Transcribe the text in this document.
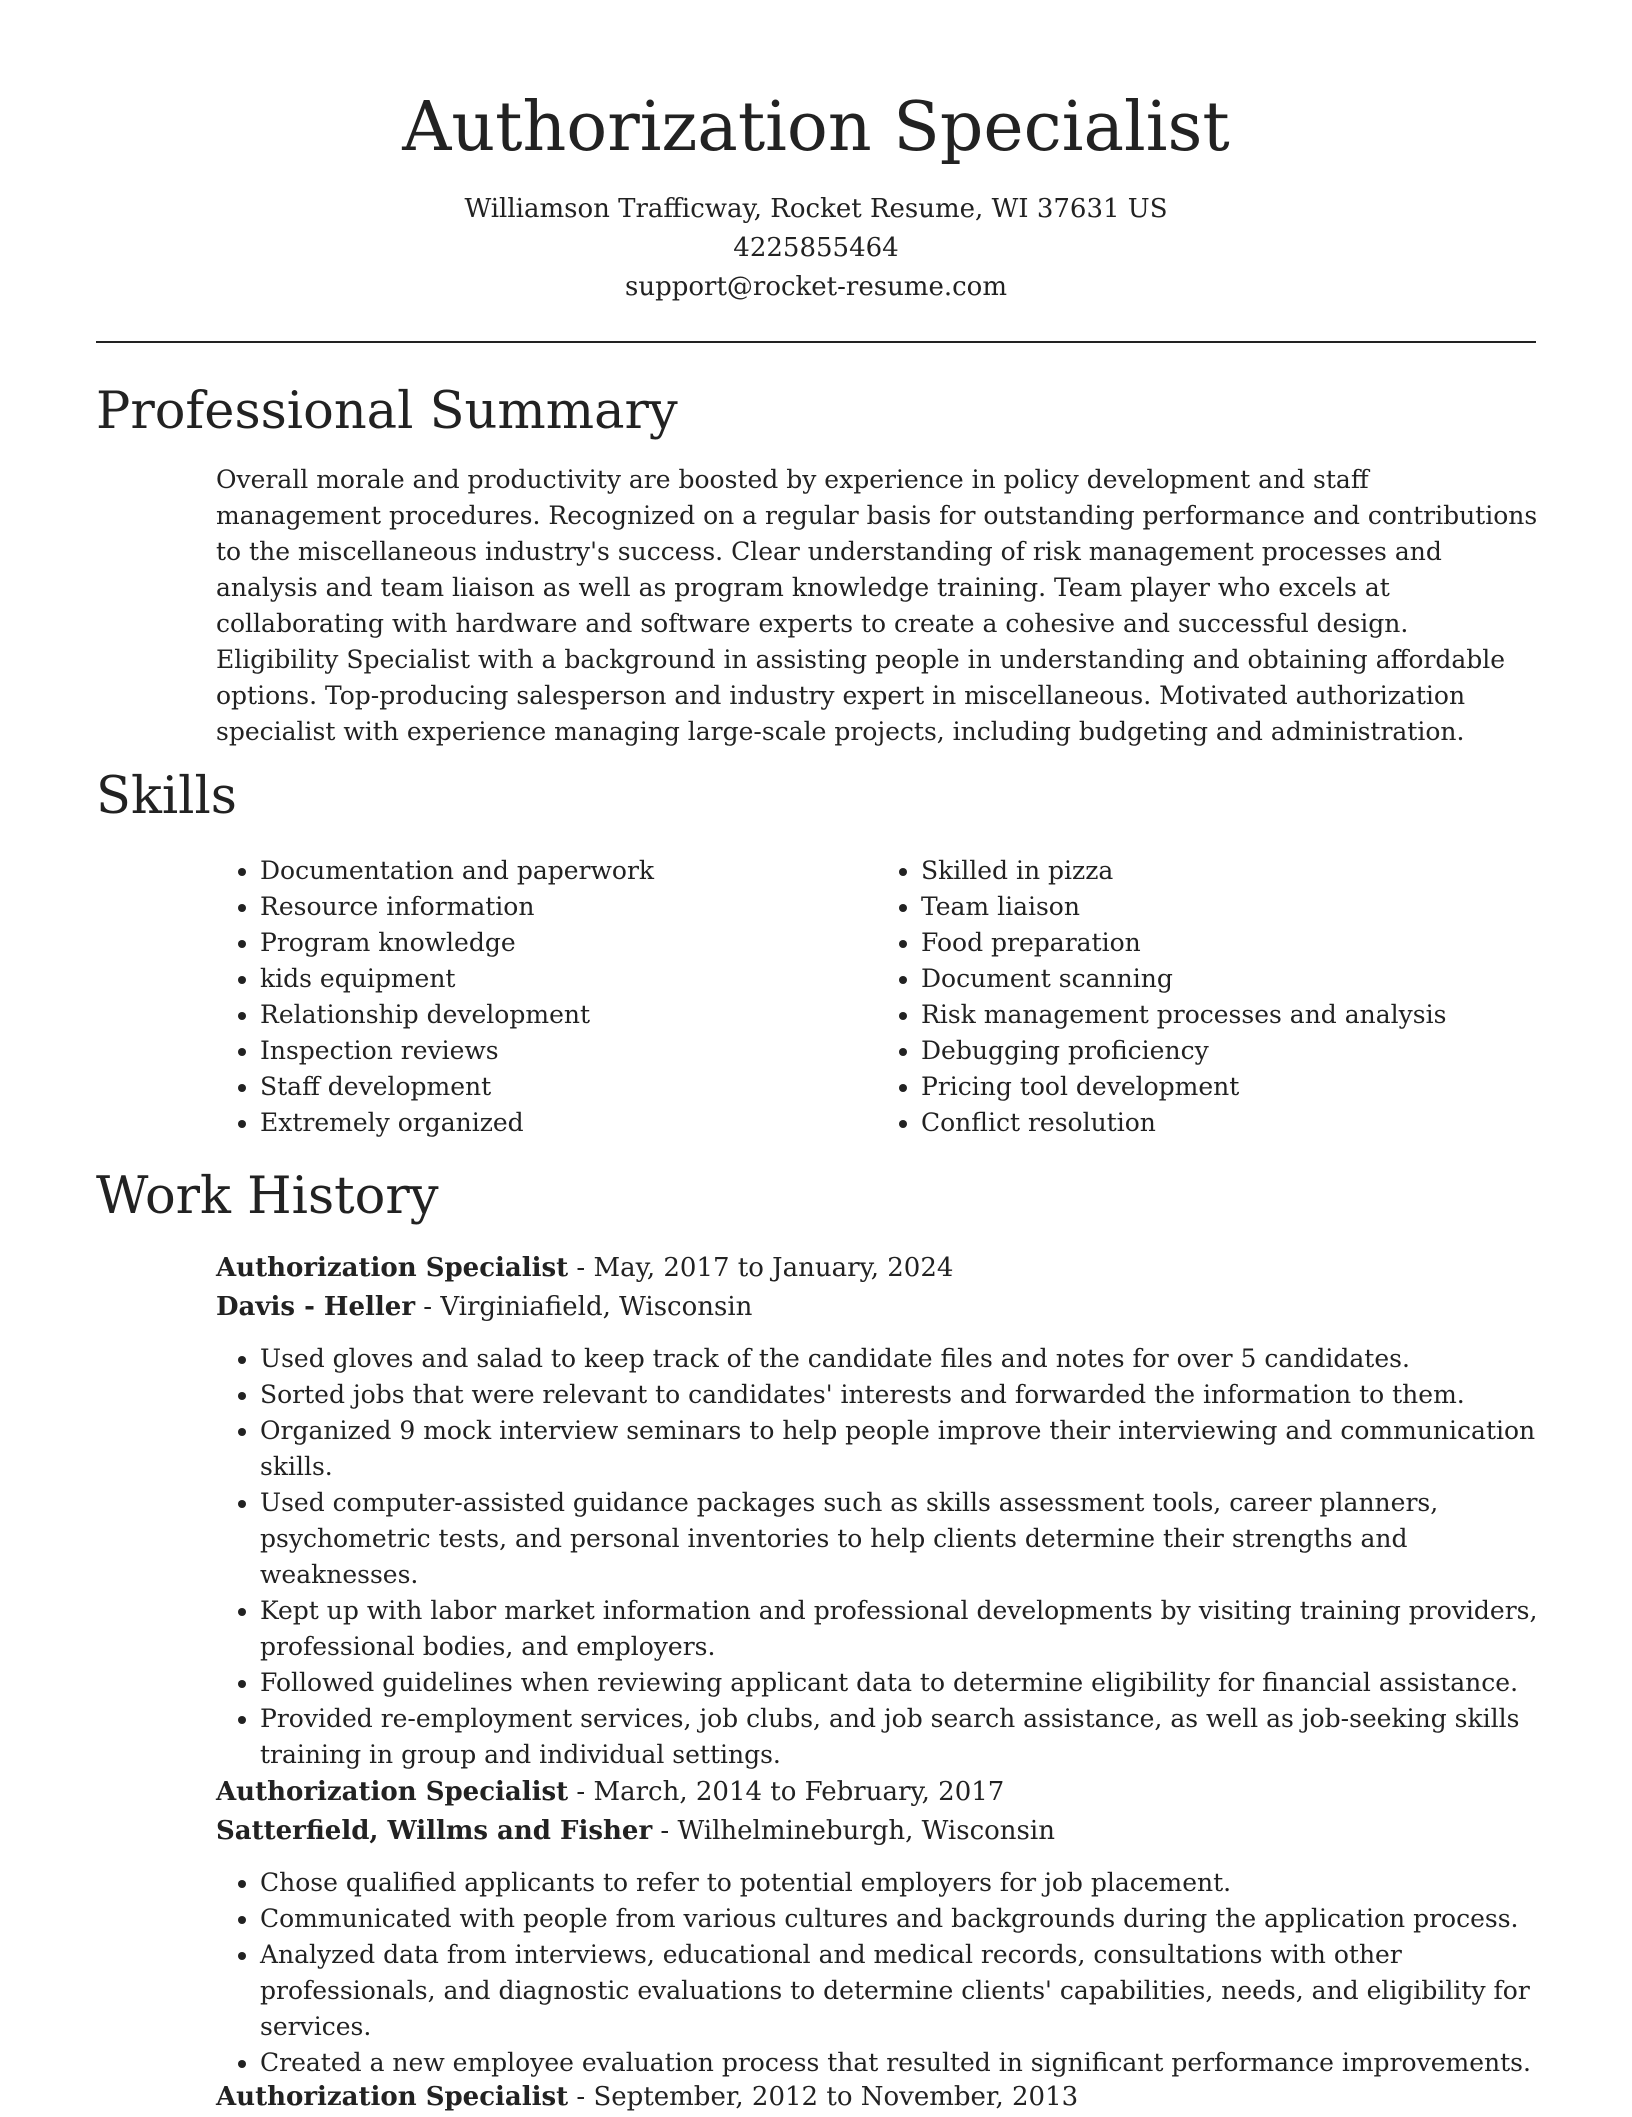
Authorization Specialist
Williamson Trafficway, Rocket Resume, WI 37631 US
4225855464
support@rocket-resume.com
Professional Summary

Overall morale and productivity are boosted by experience in policy development and staff management procedures. Recognized on a regular basis for outstanding performance and contributions to the miscellaneous industry's success. Clear understanding of risk management processes and analysis and team liaison as well as program knowledge training. Team player who excels at collaborating with hardware and software experts to create a cohesive and successful design. Eligibility Specialist with a background in assisting people in understanding and obtaining affordable options. Top-producing salesperson and industry expert in miscellaneous. Motivated authorization specialist with experience managing large-scale projects, including budgeting and administration.

Skills
• Documentation and paperwork
• Resource information
• Program knowledge
• kids equipment
• Relationship development
• Inspection reviews
• Staff development
• Extremely organized
• Skilled in pizza
• Team liaison
• Food preparation
• Document scanning
• Risk management processes and analysis
• Debugging proficiency
• Pricing tool development
• Conflict resolution
Work History
Authorization Specialist - May, 2017 to January, 2024
Davis - Heller - Virginiafield, Wisconsin
• Used gloves and salad to keep track of the candidate files and notes for over 5 candidates.
• Sorted jobs that were relevant to candidates' interests and forwarded the information to them.
• Organized 9 mock interview seminars to help people improve their interviewing and communication skills.
• Used computer-assisted guidance packages such as skills assessment tools, career planners, psychometric tests, and personal inventories to help clients determine their strengths and weaknesses.
• Kept up with labor market information and professional developments by visiting training providers, professional bodies, and employers.
• Followed guidelines when reviewing applicant data to determine eligibility for financial assistance.
• Provided re-employment services, job clubs, and job search assistance, as well as job-seeking skills training in group and individual settings.
Authorization Specialist - March, 2014 to February, 2017
Satterfield, Willms and Fisher - Wilhelmineburgh, Wisconsin
• Chose qualified applicants to refer to potential employers for job placement.
• Communicated with people from various cultures and backgrounds during the application process.
• Analyzed data from interviews, educational and medical records, consultations with other professionals, and diagnostic evaluations to determine clients' capabilities, needs, and eligibility for services.
• Created a new employee evaluation process that resulted in significant performance improvements.
Authorization Specialist - September, 2012 to November, 2013
